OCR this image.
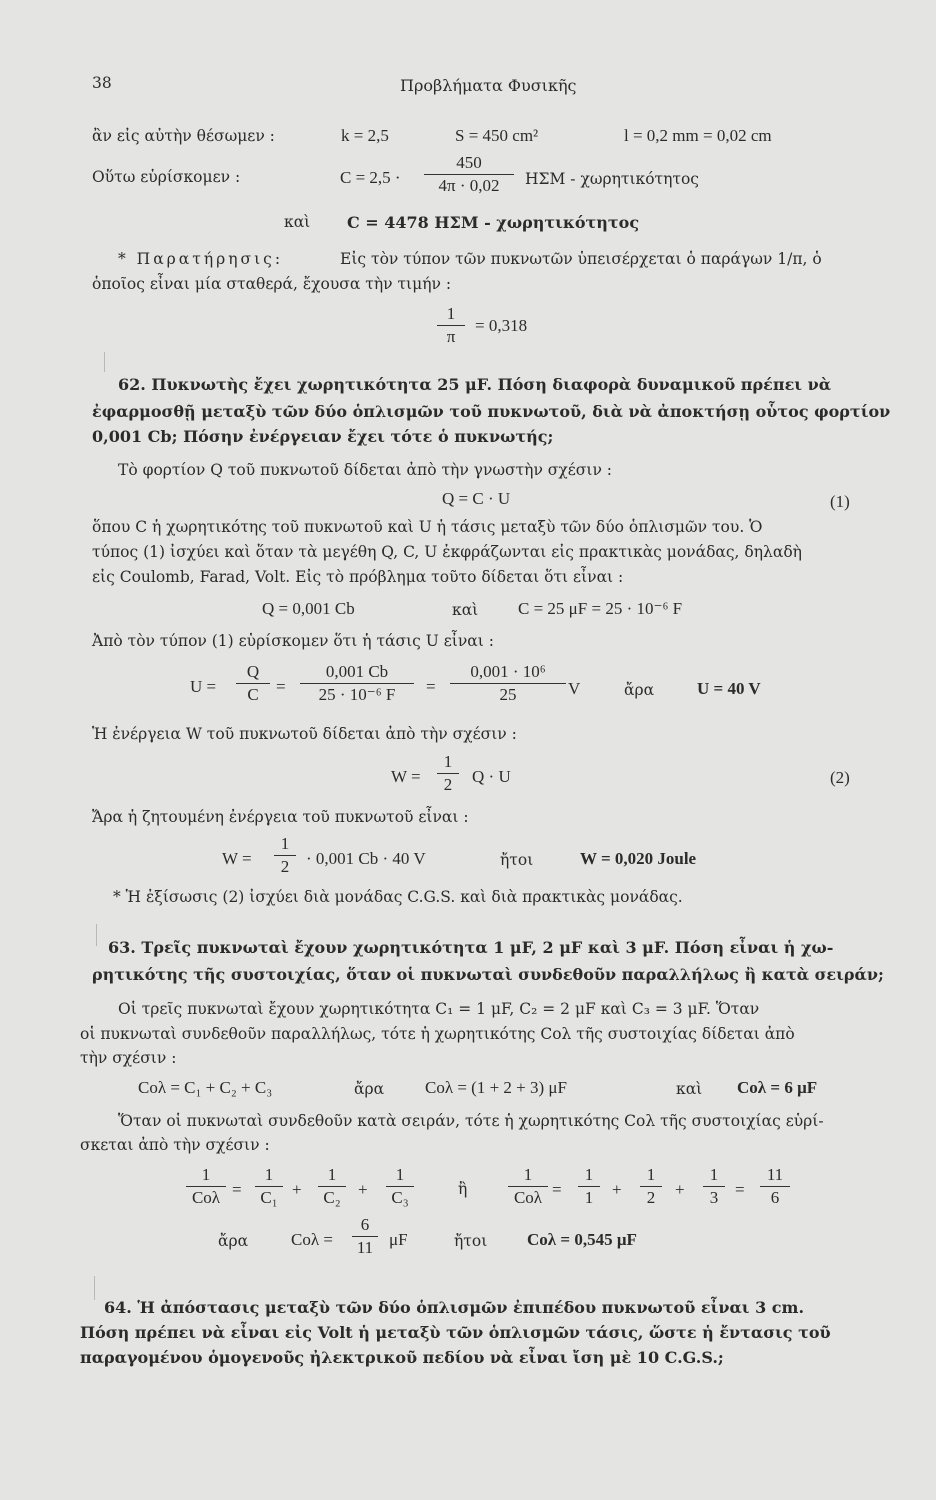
38	Προβλήματα Φυσικῆς
ἂν εἰς αὐτὴν θέσωμεν :	k = 2,5	S = 450 cm²	l = 0,2 mm = 0,02 cm
Οὕτω εὑρίσκομεν :	$C = 2,5 \cdot \frac{450}{4\pi \cdot 0,02}$ ΗΣΜ - χωρητικότητος
καὶ C = 4478 ΗΣΜ - χωρητικότητος
* Παρατήρησις:	Εἰς τὸν τύπον τῶν πυκνωτῶν ὑπεισέρχεται ὁ παράγων 1/π, ὁ
ὁποῖος εἶναι μία σταθερά, ἔχουσα τὴν τιμήν :
$\frac{1}{\pi} = 0,318$
62. Πυκνωτὴς ἔχει χωρητικότητα 25 μF. Πόση διαφορὰ δυναμικοῦ πρέπει νὰ
ἐφαρμοσθῇ μεταξὺ τῶν δύο ὁπλισμῶν τοῦ πυκνωτοῦ, διὰ νὰ ἀποκτήσῃ οὗτος φορτίον
0,001 Cb; Πόσην ἐνέργειαν ἔχει τότε ὁ πυκνωτής;
Τὸ φορτίον Q τοῦ πυκνωτοῦ δίδεται ἀπὸ τὴν γνωστὴν σχέσιν :
Q = C · U	(1)
ὅπου C ἡ χωρητικότης τοῦ πυκνωτοῦ καὶ U ἡ τάσις μεταξὺ τῶν δύο ὁπλισμῶν του. Ὁ
τύπος (1) ἰσχύει καὶ ὅταν τὰ μεγέθη Q, C, U ἐκφράζωνται εἰς πρακτικὰς μονάδας, δηλαδὴ
εἰς Coulomb, Farad, Volt. Εἰς τὸ πρόβλημα τοῦτο δίδεται ὅτι εἶναι :
Q = 0,001 Cb	καὶ C = 25 μF = 25 · 10⁻⁶ F
Ἀπὸ τὸν τύπον (1) εὑρίσκομεν ὅτι ἡ τάσις U εἶναι :
$U = \frac{Q}{C} = \frac{0,001 Cb}{\text{25 · 10⁻⁶ F}} = \frac{\text{0,001 · 10⁶}}{25}$ V	ἄρα	U = 40 V
Ἡ ἐνέργεια W τοῦ πυκνωτοῦ δίδεται ἀπὸ τὴν σχέσιν :
$W = \frac{1}{2}$ Q · U	(2)
Ἄρα ἡ ζητουμένη ἐνέργεια τοῦ πυκνωτοῦ εἶναι :
$W = \frac{1}{2} \cdot 0,001$ Cb · 40 V	ἤτοι	W = 0,020 Joule
* Ἡ ἐξίσωσις (2) ἰσχύει διὰ μονάδας C.G.S. καὶ διὰ πρακτικὰς μονάδας.
63. Τρεῖς πυκνωταὶ ἔχουν χωρητικότητα 1 μF, 2 μF καὶ 3 μF. Πόση εἶναι ἡ χω-
ρητικότης τῆς συστοιχίας, ὅταν οἱ πυκνωταὶ συνδεθοῦν παραλλήλως ἢ κατὰ σειράν;
Οἱ τρεῖς πυκνωταὶ ἔχουν χωρητικότητα C₁ = 1 μF, C₂ = 2 μF καὶ C₃ = 3 μF. Ὅταν
οἱ πυκνωταὶ συνδεθοῦν παραλλήλως, τότε ἡ χωρητικότης Cολ τῆς συστοιχίας δίδεται ἀπὸ
τὴν σχέσιν :
Cολ = C₁ + C₂ + C₃	ἄρα Cολ = (1 + 2 + 3) μF	καὶ Cολ = 6 μF
Ὅταν οἱ πυκνωταὶ συνδεθοῦν κατὰ σειράν, τότε ἡ χωρητικότης Cολ τῆς συστοιχίας εὑρί-
σκεται ἀπὸ τὴν σχέσιν :
1
$Co\lambda = \frac{1}{\text{C₁}} + \frac{1}{\text{C₂}} + \frac{1}{\text{C₃}}$	ἢ
1
$Co\lambda = \frac{1}{1} + \frac{1}{2} + \frac{1}{3} = \frac{11}{6}$
ἄρα	$Co\lambda = \frac{6}{11}$ μF	ἤτοι Cολ = 0,545 μF
64. Ἡ ἀπόστασις μεταξὺ τῶν δύο ὁπλισμῶν ἐπιπέδου πυκνωτοῦ εἶναι 3 cm.
Πόση πρέπει νὰ εἶναι εἰς Volt ἡ μεταξὺ τῶν ὁπλισμῶν τάσις, ὥστε ἡ ἔντασις τοῦ
παραγομένου ὁμογενοῦς ἠλεκτρικοῦ πεδίου νὰ εἶναι ἴση μὲ 10 C.G.S.;
